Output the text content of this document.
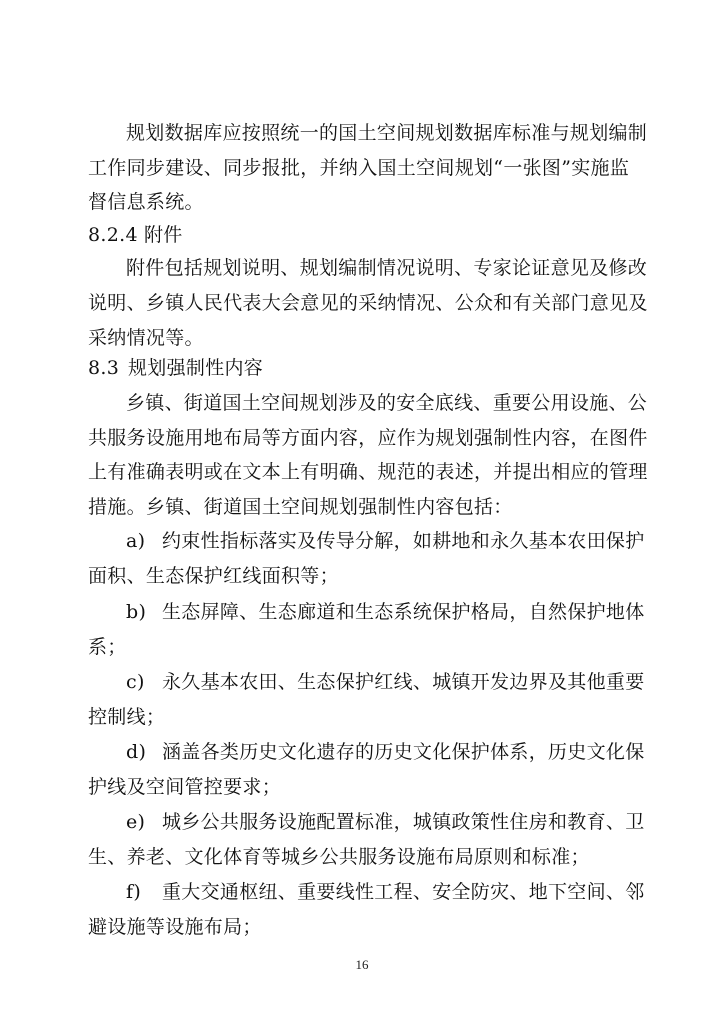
规划数据库应按照统一的国土空间规划数据库标准与规划编制
工作同步建设、同步报批，并纳入国土空间规划“一张图”实施监
督信息系统。
8.2.4 附件
附件包括规划说明、规划编制情况说明、专家论证意见及修改
说明、乡镇人民代表大会意见的采纳情况、公众和有关部门意见及
采纳情况等。
8.3 规划强制性内容
乡镇、街道国土空间规划涉及的安全底线、重要公用设施、公
共服务设施用地布局等方面内容，应作为规划强制性内容，在图件
上有准确表明或在文本上有明确、规范的表述，并提出相应的管理
措施。乡镇、街道国土空间规划强制性内容包括：
a) 约束性指标落实及传导分解，如耕地和永久基本农田保护
面积、生态保护红线面积等；
b) 生态屏障、生态廊道和生态系统保护格局，自然保护地体
系；
c) 永久基本农田、生态保护红线、城镇开发边界及其他重要
控制线；
d) 涵盖各类历史文化遗存的历史文化保护体系，历史文化保
护线及空间管控要求；
e) 城乡公共服务设施配置标准，城镇政策性住房和教育、卫
生、养老、文化体育等城乡公共服务设施布局原则和标准；
f) 重大交通枢纽、重要线性工程、安全防灾、地下空间、邻
避设施等设施布局；
16
